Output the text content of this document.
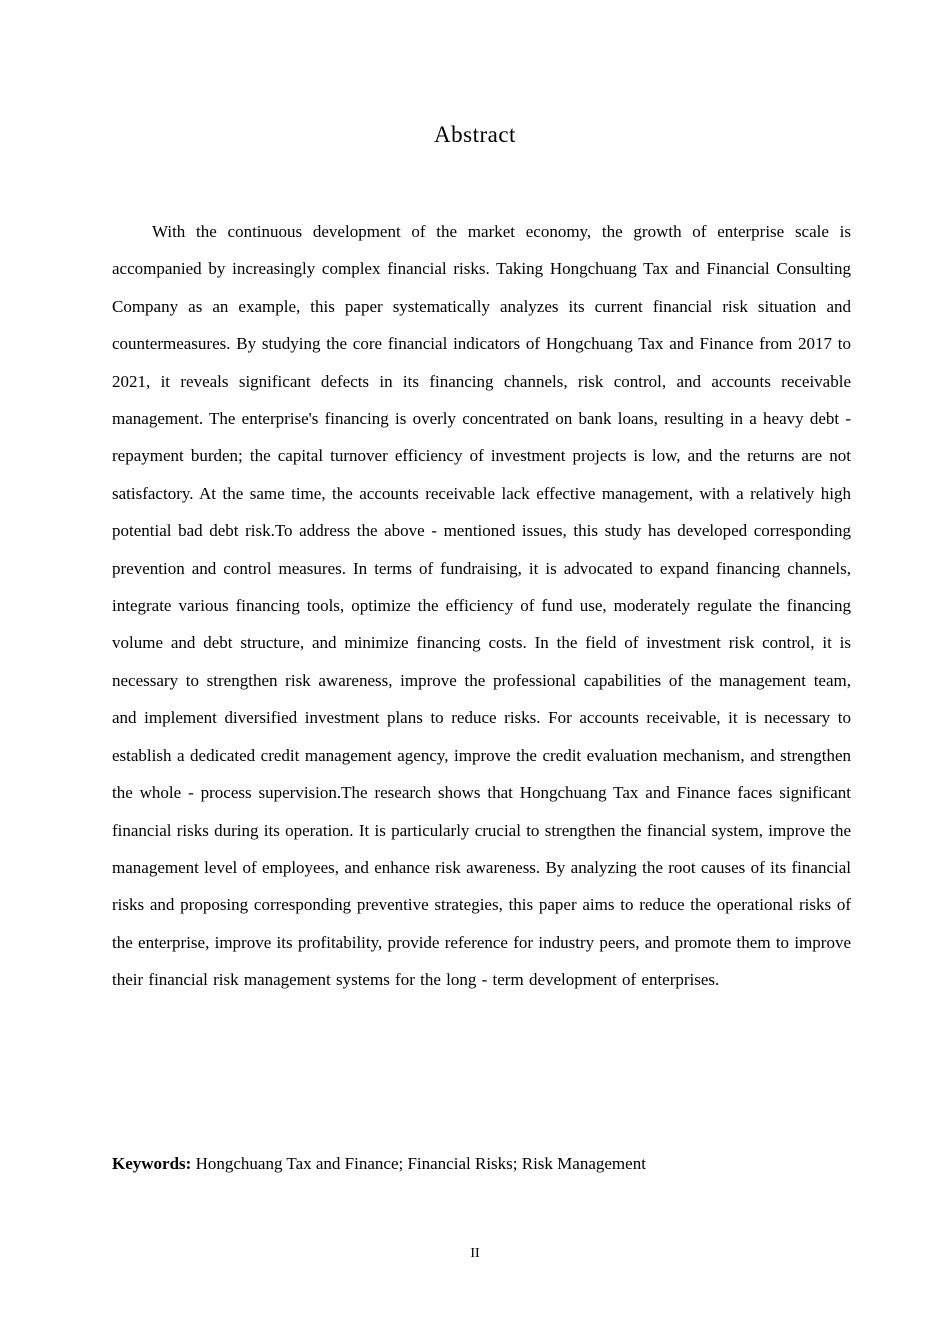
Abstract

With the continuous development of the market economy, the growth of enterprise scale is accompanied by increasingly complex financial risks. Taking Hongchuang Tax and Financial Consulting Company as an example, this paper systematically analyzes its current financial risk situation and countermeasures. By studying the core financial indicators of Hongchuang Tax and Finance from 2017 to 2021, it reveals significant defects in its financing channels, risk control, and accounts receivable management. The enterprise's financing is overly concentrated on bank loans, resulting in a heavy debt - repayment burden; the capital turnover efficiency of investment projects is low, and the returns are not satisfactory. At the same time, the accounts receivable lack effective management, with a relatively high potential bad debt risk.To address the above - mentioned issues, this study has developed corresponding prevention and control measures. In terms of fundraising, it is advocated to expand financing channels, integrate various financing tools, optimize the efficiency of fund use, moderately regulate the financing volume and debt structure, and minimize financing costs. In the field of investment risk control, it is necessary to strengthen risk awareness, improve the professional capabilities of the management team, and implement diversified investment plans to reduce risks. For accounts receivable, it is necessary to establish a dedicated credit management agency, improve the credit evaluation mechanism, and strengthen the whole - process supervision.The research shows that Hongchuang Tax and Finance faces significant financial risks during its operation. It is particularly crucial to strengthen the financial system, improve the management level of employees, and enhance risk awareness. By analyzing the root causes of its financial risks and proposing corresponding preventive strategies, this paper aims to reduce the operational risks of the enterprise, improve its profitability, provide reference for industry peers, and promote them to improve their financial risk management systems for the long - term development of enterprises.

Keywords: Hongchuang Tax and Finance; Financial Risks; Risk Management

II
